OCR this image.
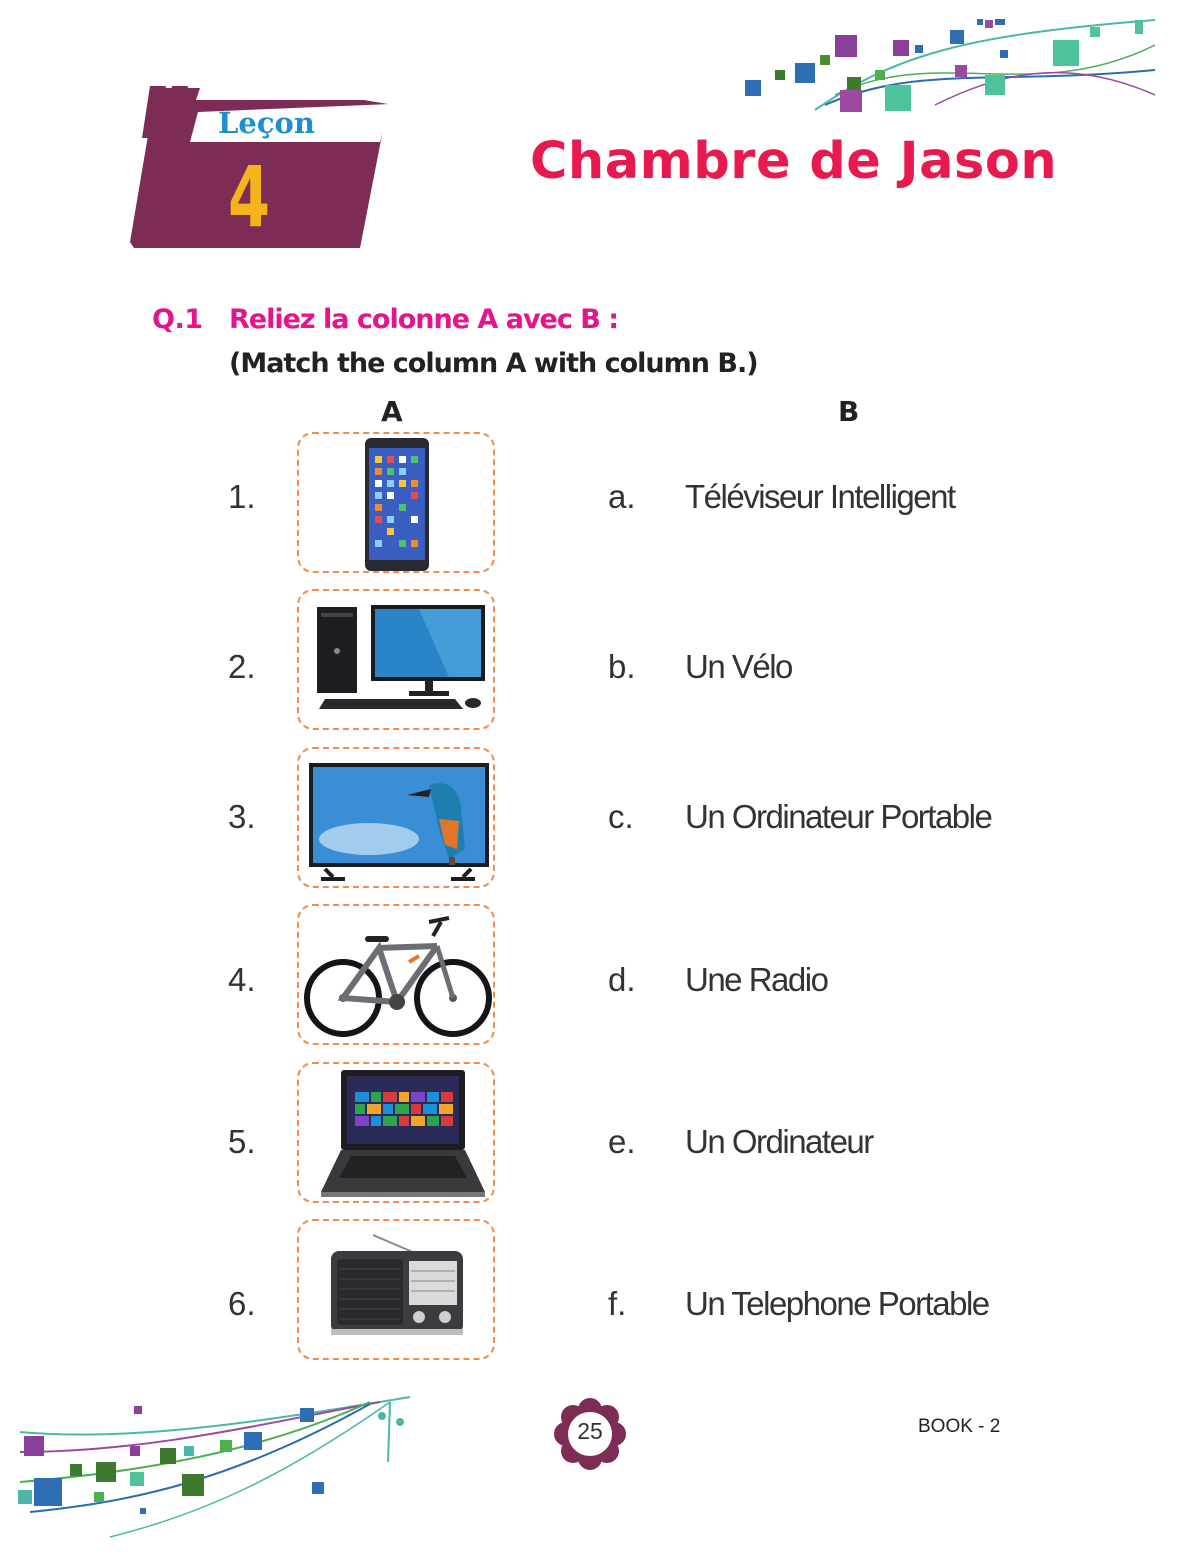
Leçon
4	Chambre de Jason
Q.1 Reliez la colonne A avec B :
(Match the column A with column B.)
A	B
1.	a. Téléviseur Intelligent
2.	b. Un Vélo
3.	c. Un Ordinateur Portable
4.	d. Une Radio
5.	e. Un Ordinateur
6.	f. Un Telephone Portable
25	BOOK - 2
